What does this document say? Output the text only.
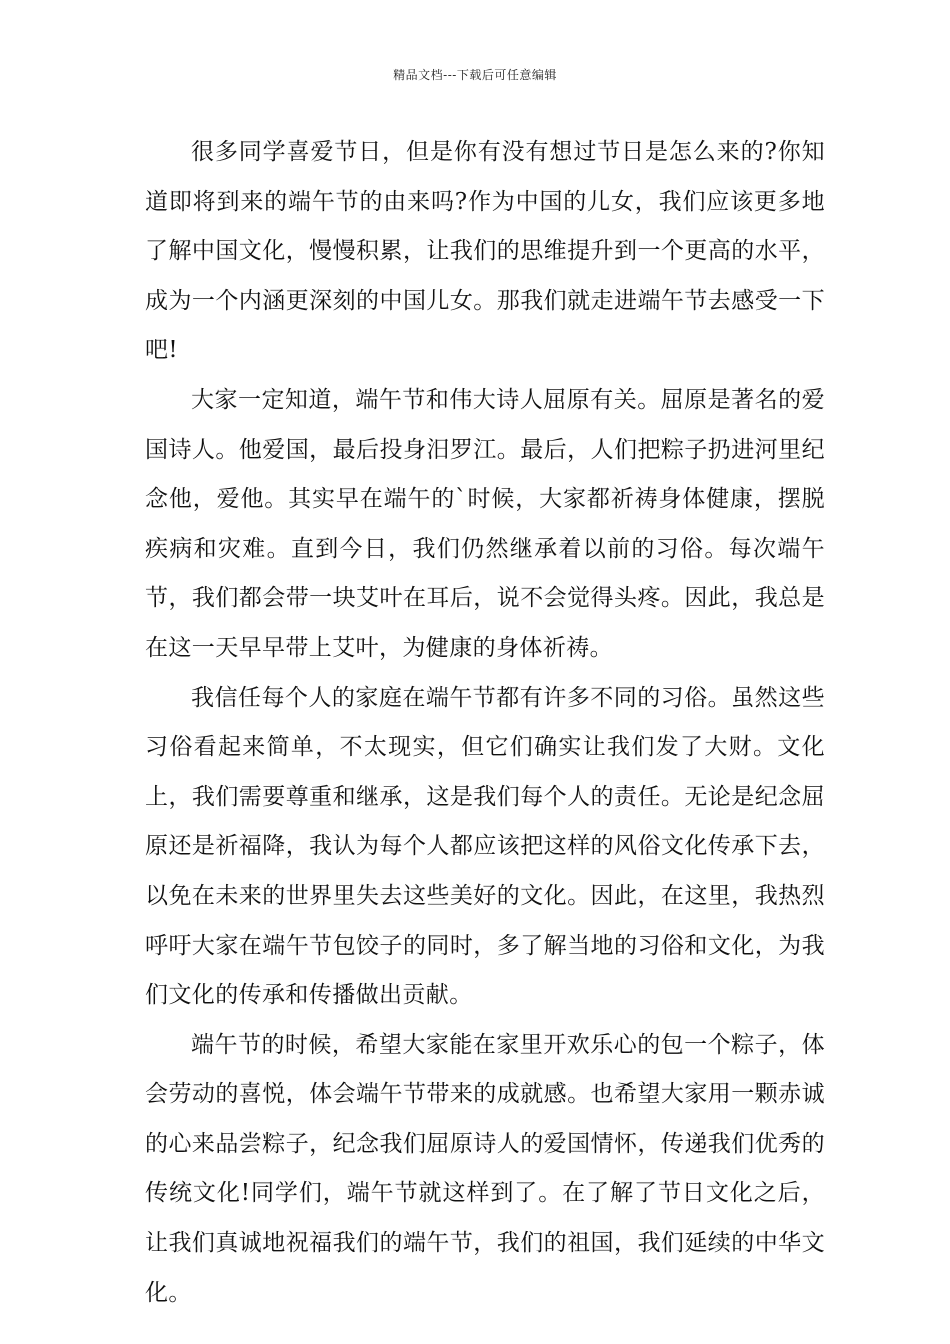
精品文档---下载后可任意编辑

很多同学喜爱节日，但是你有没有想过节日是怎么来的?你知道即将到来的端午节的由来吗?作为中国的儿女，我们应该更多地了解中国文化，慢慢积累，让我们的思维提升到一个更高的水平，成为一个内涵更深刻的中国儿女。那我们就走进端午节去感受一下吧!

大家一定知道，端午节和伟大诗人屈原有关。屈原是著名的爱国诗人。他爱国，最后投身汨罗江。最后，人们把粽子扔进河里纪念他，爱他。其实早在端午的`时候，大家都祈祷身体健康，摆脱疾病和灾难。直到今日，我们仍然继承着以前的习俗。每次端午节，我们都会带一块艾叶在耳后，说不会觉得头疼。因此，我总是在这一天早早带上艾叶，为健康的身体祈祷。

我信任每个人的家庭在端午节都有许多不同的习俗。虽然这些习俗看起来简单，不太现实，但它们确实让我们发了大财。文化上，我们需要尊重和继承，这是我们每个人的责任。无论是纪念屈原还是祈福降，我认为每个人都应该把这样的风俗文化传承下去，以免在未来的世界里失去这些美好的文化。因此，在这里，我热烈呼吁大家在端午节包饺子的同时，多了解当地的习俗和文化，为我们文化的传承和传播做出贡献。

端午节的时候，希望大家能在家里开欢乐心的包一个粽子，体会劳动的喜悦，体会端午节带来的成就感。也希望大家用一颗赤诚的心来品尝粽子，纪念我们屈原诗人的爱国情怀，传递我们优秀的传统文化!同学们，端午节就这样到了。在了解了节日文化之后，让我们真诚地祝福我们的端午节，我们的祖国，我们延续的中华文化。
